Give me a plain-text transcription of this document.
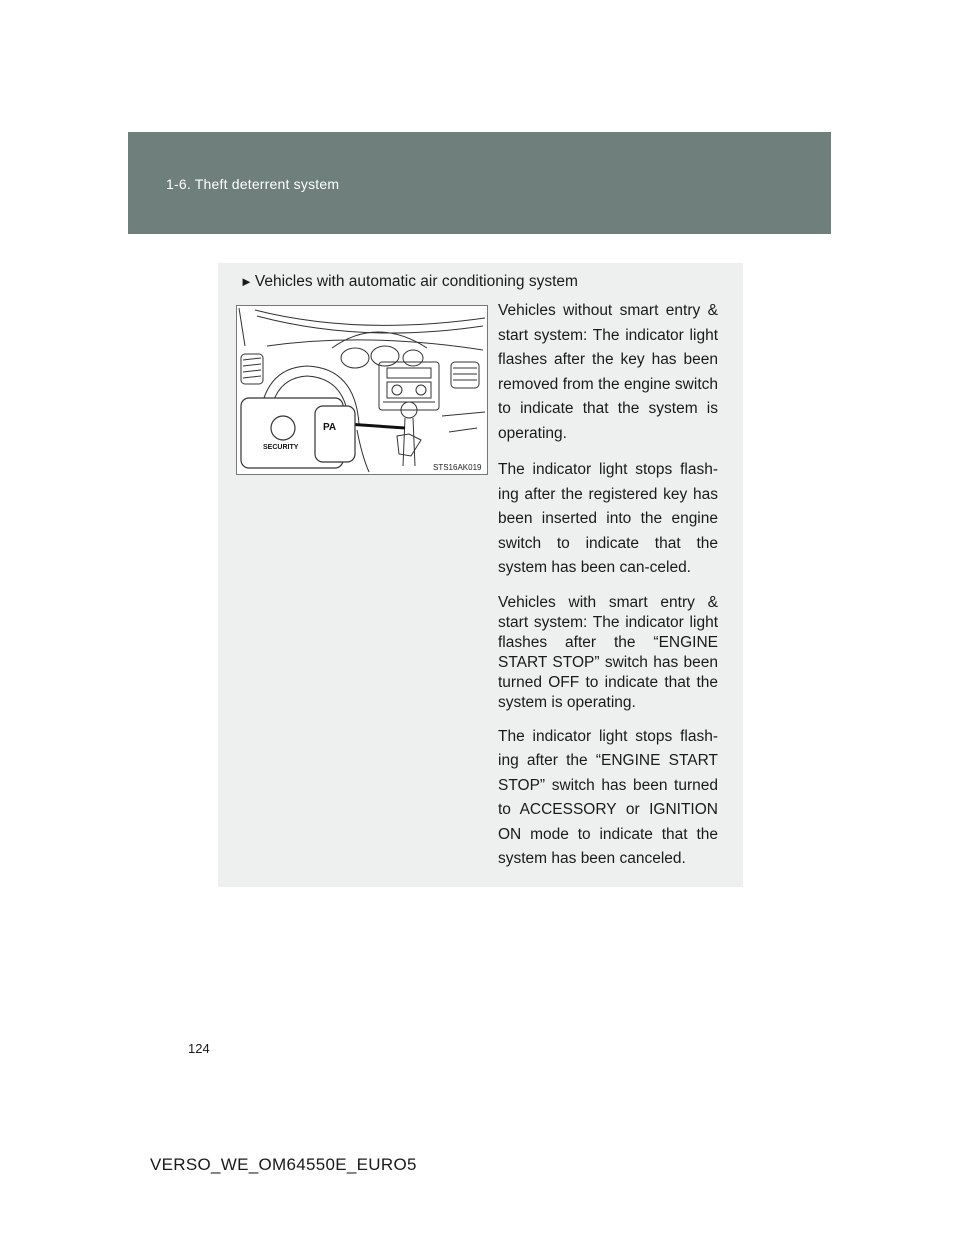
1-6. Theft deterrent system
► Vehicles with automatic air conditioning system
SECURITY
PA
STS16AK019

Vehicles without smart entry & start system: The indicator light flashes after the key has been removed from the engine switch to indicate that the system is operating.

The indicator light stops flash-ing after the registered key has been inserted into the engine switch to indicate that the system has been can-celed.

Vehicles with smart entry & start system: The indicator light flashes after the “ENGINE START STOP” switch has been turned OFF to indicate that the system is operating.

The indicator light stops flash-ing after the “ENGINE START STOP” switch has been turned to ACCESSORY or IGNITION ON mode to indicate that the system has been canceled.

124
VERSO_WE_OM64550E_EURO5
